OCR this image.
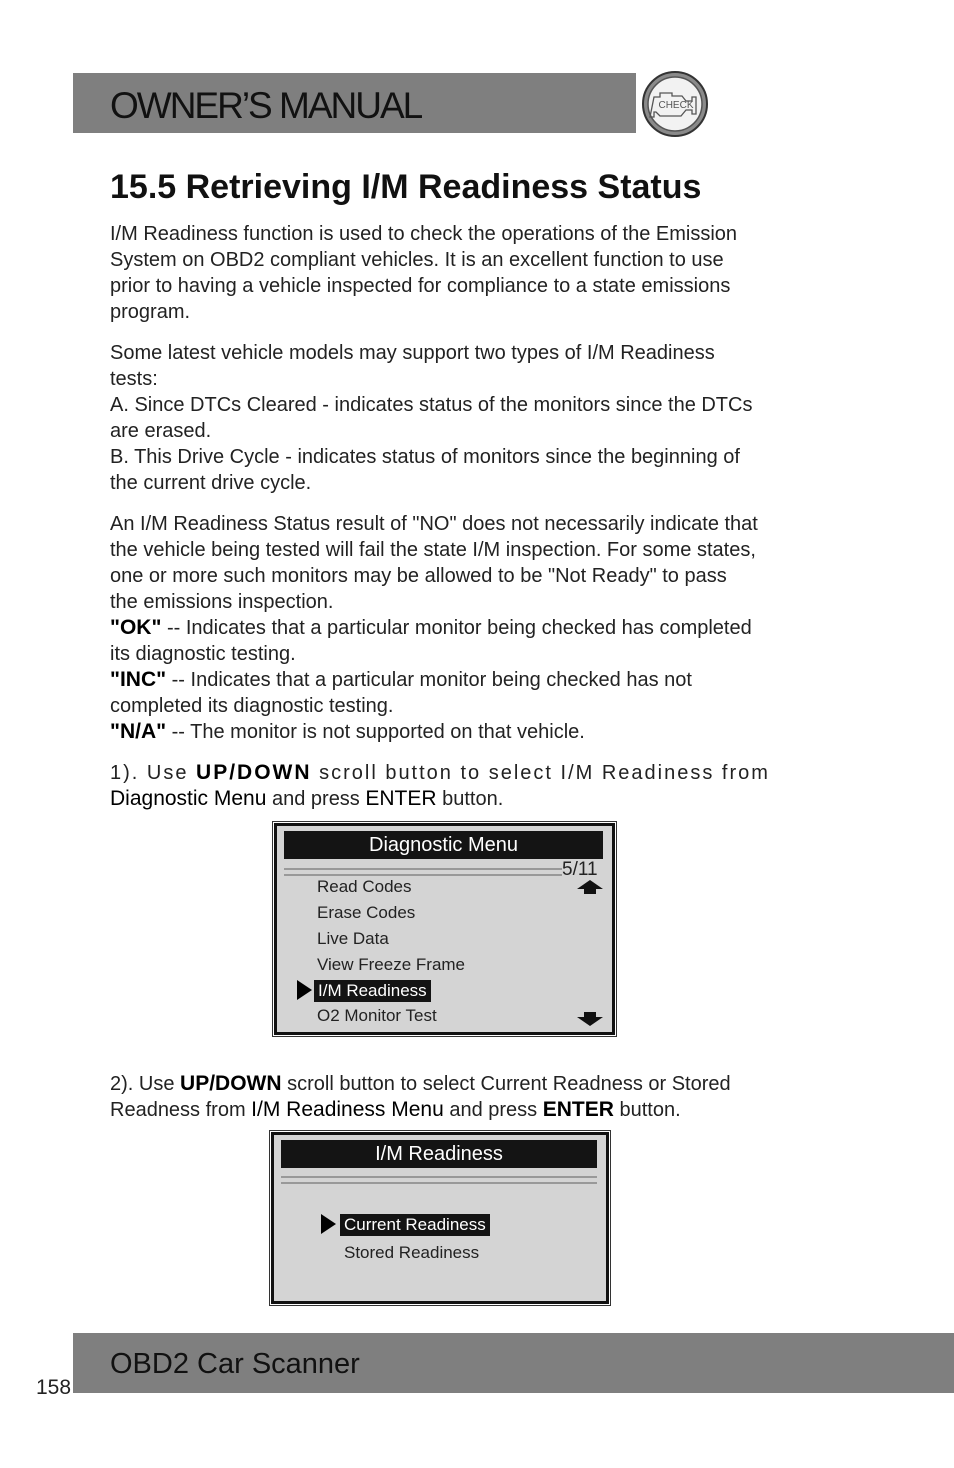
OWNER’S MANUAL	CHECK
15.5 Retrieving I/M Readiness Status
I/M Readiness function is used to check the operations of the Emission
System on OBD2 compliant vehicles. It is an excellent function to use
prior to having a vehicle inspected for compliance to a state emissions
program.
Some latest vehicle models may support two types of I/M Readiness
tests:
A. Since DTCs Cleared - indicates status of the monitors since the DTCs
are erased.
B. This Drive Cycle - indicates status of monitors since the beginning of
the current drive cycle.
An I/M Readiness Status result of "NO" does not necessarily indicate that
the vehicle being tested will fail the state I/M inspection. For some states,
one or more such monitors may be allowed to be "Not Ready" to pass
the emissions inspection.
"OK" -- Indicates that a particular monitor being checked has completed
its diagnostic testing.
"INC" -- Indicates that a particular monitor being checked has not
completed its diagnostic testing.
"N/A" -- The monitor is not supported on that vehicle.
1). Use UP/DOWN scroll button to select I/M Readiness from
Diagnostic Menu and press ENTER button.
Diagnostic Menu
5/11
Read Codes
Erase Codes
Live Data
View Freeze Frame
I/M Readiness
O2 Monitor Test
2). Use UP/DOWN scroll button to select Current Readness or Stored
Readness from I/M Readiness Menu and press ENTER button.
I/M Readiness
Current Readiness
Stored Readiness
OBD2 Car Scanner
158
